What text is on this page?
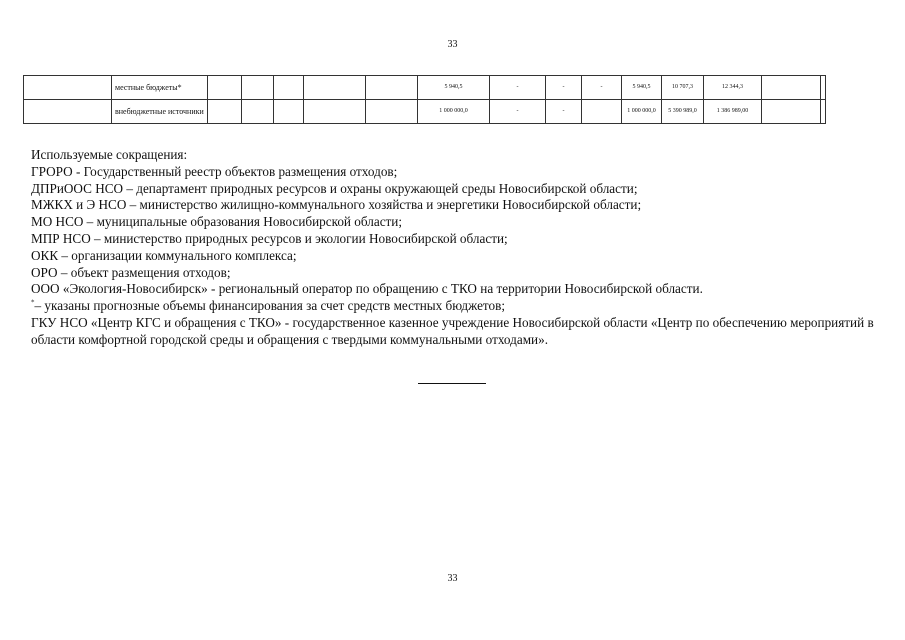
33
	местные бюджеты*						5 940,5	-	-	-	5 940,5	10 707,3	12 344,3		
	внебюджетные источники						1 000 000,0	-	-		1 000 000,0	5 390 989,0	1 386 989,00		

Используемые сокращения:

ГРОРО - Государственный реестр объектов размещения отходов;

ДПРиООС НСО – департамент природных ресурсов и охраны окружающей среды Новосибирской области;

МЖКХ и Э НСО – министерство жилищно-коммунального хозяйства и энергетики Новосибирской области;

МО НСО – муниципальные образования Новосибирской области;

МПР НСО – министерство природных ресурсов и экологии Новосибирской области;

ОКК – организации коммунального комплекса;

ОРО – объект размещения отходов;

ООО «Экология-Новосибирск» - региональный оператор по обращению с ТКО на территории Новосибирской области.

*– указаны прогнозные объемы финансирования за счет средств местных бюджетов;

ГКУ НСО «Центр КГС и обращения с ТКО» - государственное казенное учреждение Новосибирской области «Центр по обеспечению мероприятий в области комфортной городской среды и обращения с твердыми коммунальными отходами».

33
